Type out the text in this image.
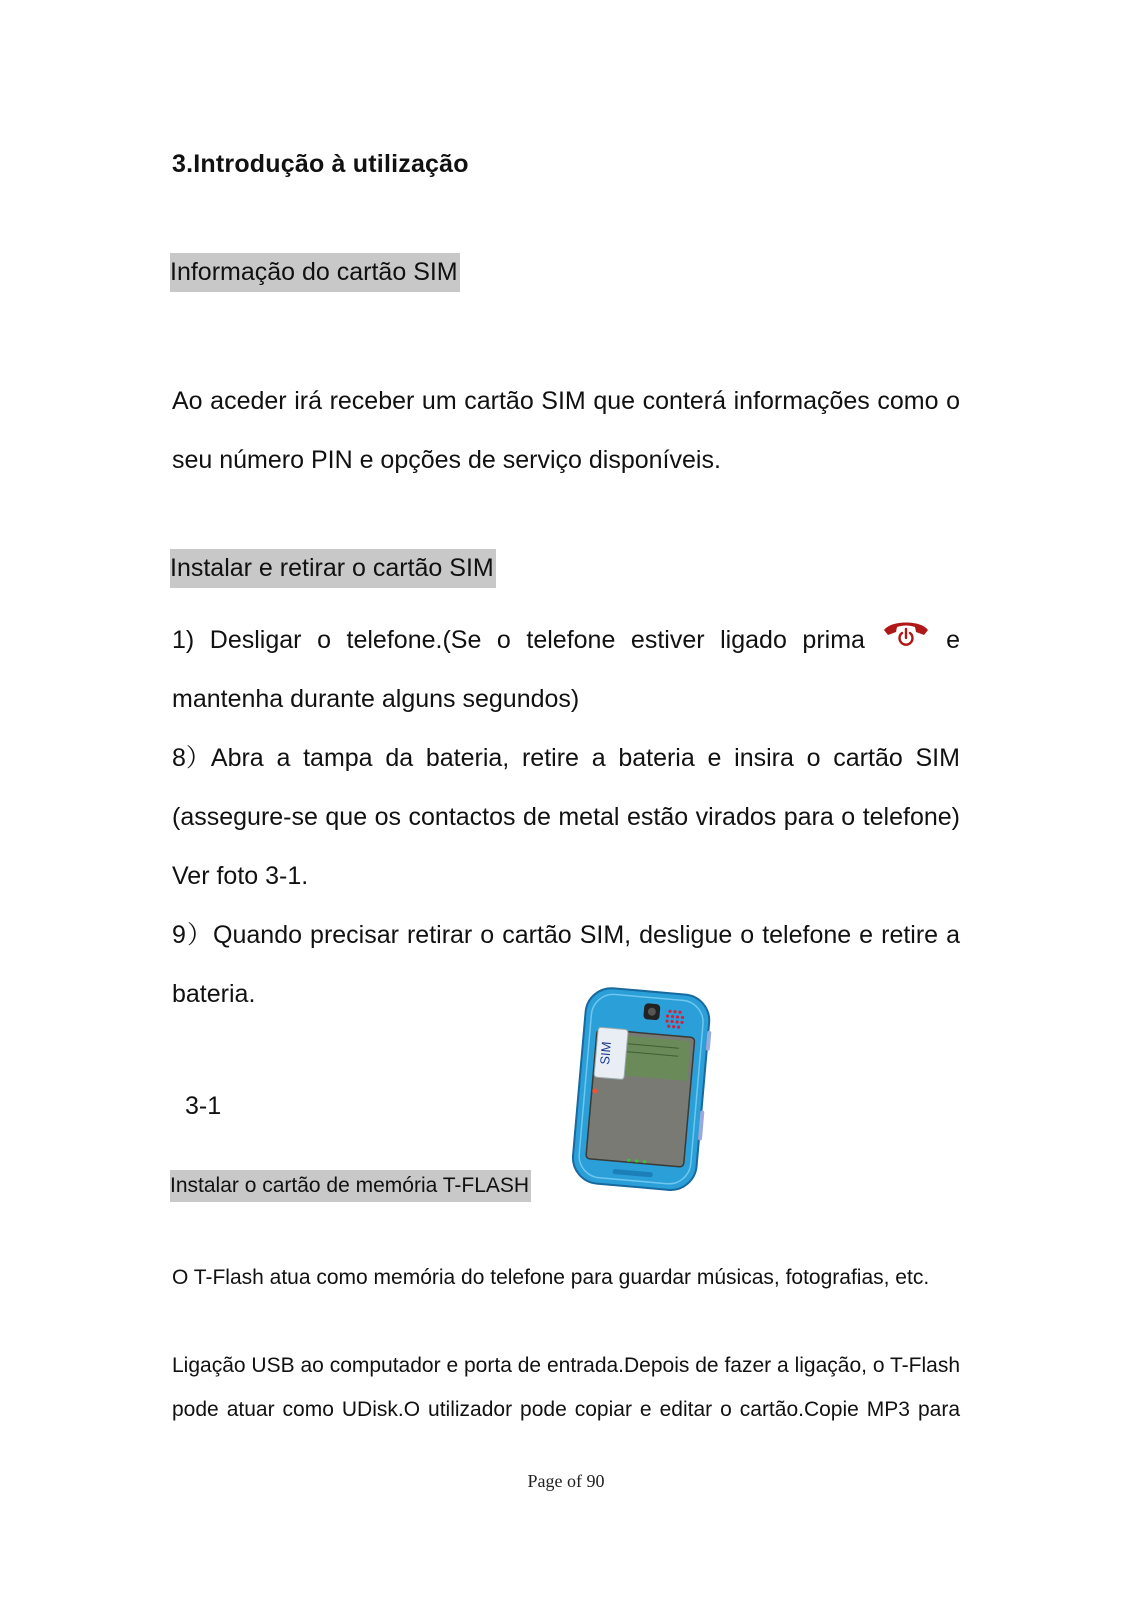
3.Introdução à utilização
Informação do cartão SIM
Ao aceder irá receber um cartão SIM que conterá informações como o
seu número PIN e opções de serviço disponíveis.
Instalar e retirar o cartão SIM
1) Desligar o telefone.(Se o telefone estiver ligado prima	e
mantenha durante alguns segundos)
8）Abra a tampa da bateria, retire a bateria e insira o cartão SIM
(assegure-se que os contactos de metal estão virados para o telefone)
Ver foto 3-1.
9）Quando precisar retirar o cartão SIM, desligue o telefone e retire a
bateria.
3-1
SIM
Instalar o cartão de memória T-FLASH
O T-Flash atua como memória do telefone para guardar músicas, fotografias, etc.
Ligação USB ao computador e porta de entrada.Depois de fazer a ligação, o T-Flash
pode atuar como UDisk.O utilizador pode copiar e editar o cartão.Copie MP3 para
Page of 90
